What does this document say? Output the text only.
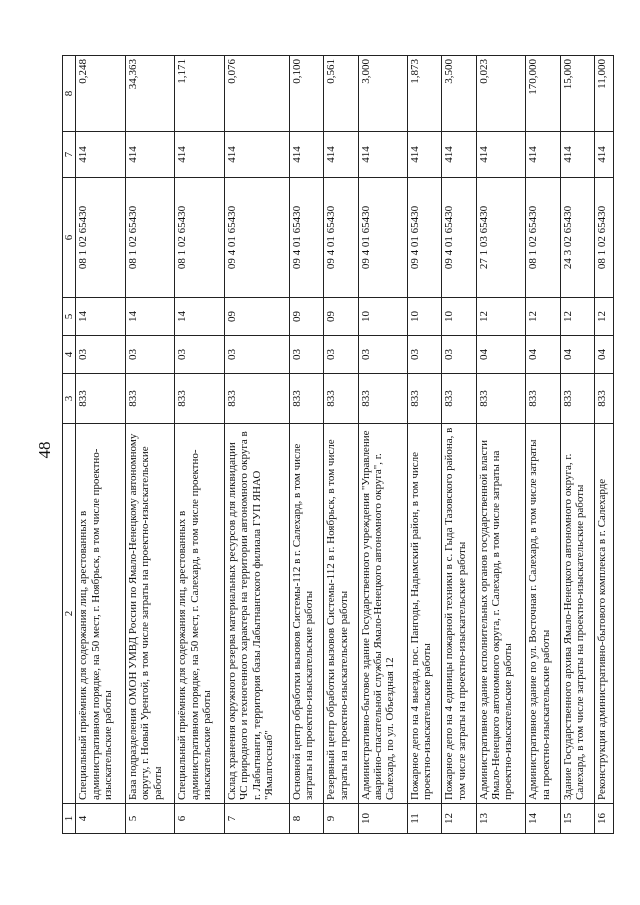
48
1	2	3	4	5	6	7	8
4	Специальный приёмник для содержания лиц, арестованных в административном порядке, на 50 мест, г. Ноябрьск, в том числе проектно-изыскательские работы	833	03	14	08 1 02 65430	414	0,248
5	База подразделения ОМОН УМВД России по Ямало-Ненецкому автономному округу, г. Новый Уренгой, в том числе затраты на проектно-изыскательские работы	833	03	14	08 1 02 65430	414	34,363
6	Специальный приёмник для содержания лиц, арестованных в административном порядке, на 50 мест, г. Салехард, в том числе проектно-изыскательские работы	833	03	14	08 1 02 65430	414	1,171
7	Склад хранения окружного резерва материальных ресурсов для ликвидации ЧС природного и техногенного характера на территории автономного округа в г. Лабытнанги, территория базы Лабытнангского филиала ГУП ЯНАО "Ямалгосснаб"	833	03	09	09 4 01 65430	414	0,076
8	Основной центр обработки вызовов Системы-112 в г. Салехард, в том числе затраты на проектно-изыскательские работы	833	03	09	09 4 01 65430	414	0,100
9	Резервный центр обработки вызовов Системы-112 в г. Ноябрьск, в том числе затраты на проектно-изыскательские работы	833	03	09	09 4 01 65430	414	0,561
10	Административно-бытовое здание Государственного учреждения "Управление аварийно-спасательной службы Ямало-Ненецкого автономного округа", г. Салехард, по ул. Объездная 12	833	03	10	09 4 01 65430	414	3,000
11	Пожарное депо на 4 выезда, пос. Пангоды, Надымский район, в том числе проектно-изыскательские работы	833	03	10	09 4 01 65430	414	1,873
12	Пожарное депо на 4 единицы пожарной техники в с. Гыда Тазовского района, в том числе затраты на проектно-изыскательские работы	833	03	10	09 4 01 65430	414	3,500
13	Административное здание исполнительных органов государственной власти Ямало-Ненецкого автономного округа, г. Салехард, в том числе затраты на проектно-изыскательские работы	833	04	12	27 1 03 65430	414	0,023
14	Административное здание по ул. Восточная г. Салехард, в том числе затраты на проектно-изыскательские работы	833	04	12	08 1 02 65430	414	170,000
15	Здание Государственного архива Ямало-Ненецкого автономного округа, г. Салехард, в том числе затраты на проектно-изыскательские работы	833	04	12	24 3 02 65430	414	15,000
16	Реконструкция административно-бытового комплекса в г. Салехарде	833	04	12	08 1 02 65430	414	11,000
